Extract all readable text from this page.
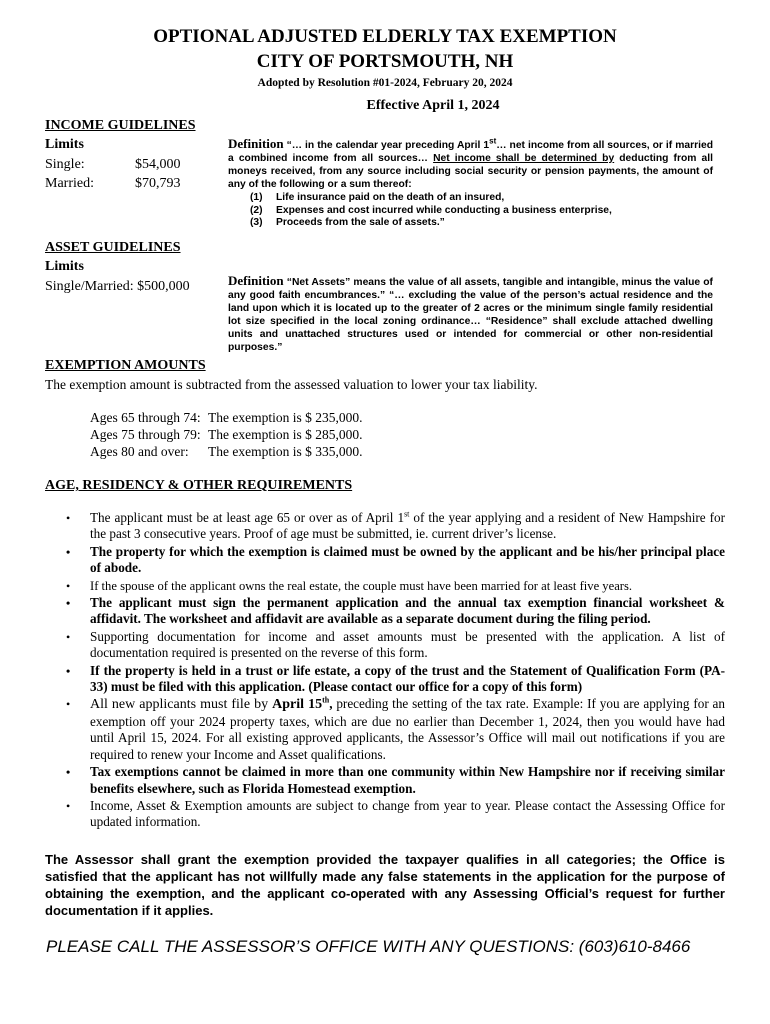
OPTIONAL ADJUSTED ELDERLY TAX EXEMPTION
CITY OF PORTSMOUTH, NH
Adopted by Resolution #01-2024, February 20, 2024
Effective April 1, 2024
INCOME GUIDELINES
Limits
Single:	$54,000
Married:	$70,793
Definition “… in the calendar year preceding April 1st… net income from all sources, or if married a combined income from all sources… Net income shall be determined by deducting from all moneys received, from any source including social security or pension payments, the amount of any of the following or a sum thereof:
(1)	Life insurance paid on the death of an insured,
(2)	Expenses and cost incurred while conducting a business enterprise,
(3)	Proceeds from the sale of assets.”
ASSET GUIDELINES
Limits
Single/Married: $500,000	Definition “Net Assets” means the value of all assets, tangible and intangible, minus the value of any good faith encumbrances.” “… excluding the value of the person’s actual residence and the land upon which it is located up to the greater of 2 acres or the minimum single family residential lot size specified in the local zoning ordinance… “Residence” shall exclude attached dwelling units and unattached structures used or intended for commercial or other non-residential purposes.”
EXEMPTION AMOUNTS
The exemption amount is subtracted from the assessed valuation to lower your tax liability.
Ages 65 through 74: The exemption is $ 235,000.
Ages 75 through 79: The exemption is $ 285,000.
Ages 80 and over: The exemption is $ 335,000.
AGE, RESIDENCY & OTHER REQUIREMENTS
• The applicant must be at least age 65 or over as of April 1st of the year applying and a resident of New Hampshire for the past 3 consecutive years. Proof of age must be submitted, ie. current driver’s license.
• The property for which the exemption is claimed must be owned by the applicant and be his/her principal place of abode.
• If the spouse of the applicant owns the real estate, the couple must have been married for at least five years.
• The applicant must sign the permanent application and the annual tax exemption financial worksheet & affidavit. The worksheet and affidavit are available as a separate document during the filing period.
• Supporting documentation for income and asset amounts must be presented with the application. A list of documentation required is presented on the reverse of this form.
• If the property is held in a trust or life estate, a copy of the trust and the Statement of Qualification Form (PA-33) must be filed with this application. (Please contact our office for a copy of this form)
• All new applicants must file by April 15th, preceding the setting of the tax rate. Example: If you are applying for an exemption off your 2024 property taxes, which are due no earlier than December 1, 2024, then you would have had until April 15, 2024. For all existing approved applicants, the Assessor’s Office will mail out notifications if you are required to renew your Income and Asset qualifications.
• Tax exemptions cannot be claimed in more than one community within New Hampshire nor if receiving similar benefits elsewhere, such as Florida Homestead exemption.
• Income, Asset & Exemption amounts are subject to change from year to year. Please contact the Assessing Office for updated information.
The Assessor shall grant the exemption provided the taxpayer qualifies in all categories; the Office is satisfied that the applicant has not willfully made any false statements in the application for the purpose of obtaining the exemption, and the applicant co-operated with any Assessing Official’s request for further documentation if it applies.
PLEASE CALL THE ASSESSOR’S OFFICE WITH ANY QUESTIONS: (603)610-8466
